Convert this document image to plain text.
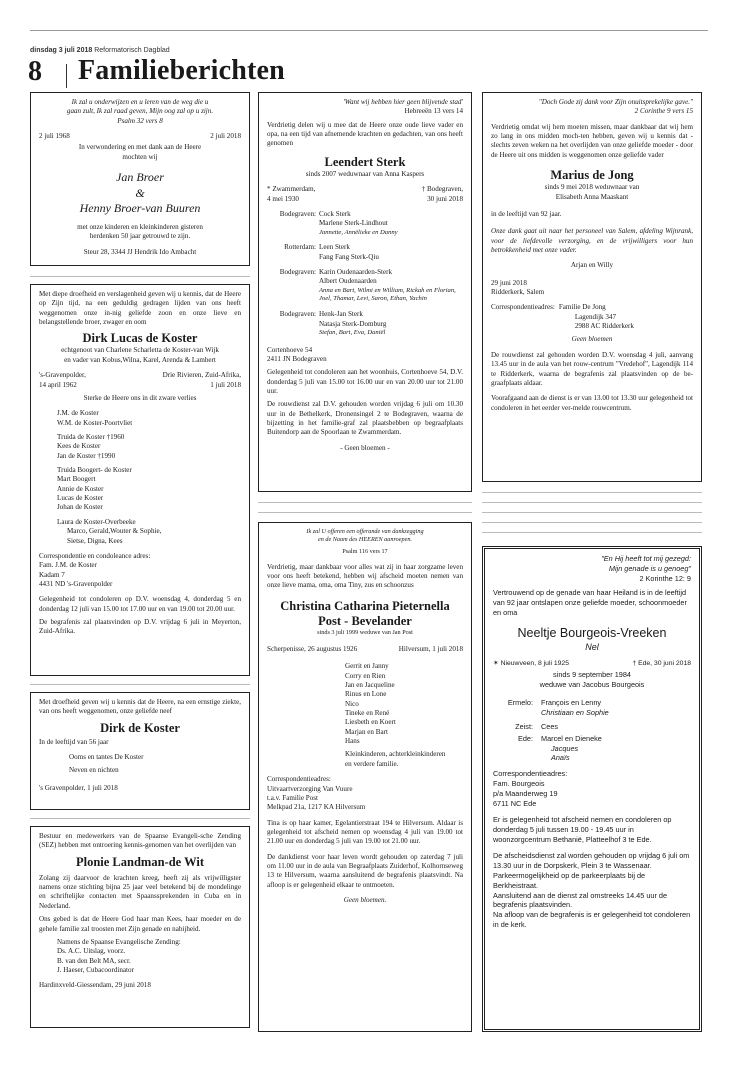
dinsdag 3 juli 2018 Reformatorisch Dagblad
8 Familieberichten

Ik zal u onderwijzen en u leren van de weg die u

gaan zult, Ik zal raad geven, Mijn oog zal op u zijn.

Psalm 32 vers 8

2 juli 1968	2 juli 2018

In verwondering en met dank aan de Heere

mochten wij

Jan Broer

&

Henny Broer-van Buuren

met onze kinderen en kleinkinderen gisteren

herdenken 50 jaar getrouwd te zijn.

Steur 28, 3344 JJ Hendrik Ido Ambacht

Met diepe droefheid en verslagenheid geven wij u kennis, dat de Heere op Zijn tijd, na een geduldig gedragen lijden van ons heeft weggenomen onze in-nig geliefde zoon en onze lieve en belangstellende broer, zwager en oom

Dirk Lucas de Koster

echtgenoot van Charlene Scharletta de Koster-van Wijk

en vader van Kobus,Wilna, Karel, Arenda & Lambert

's-Gravenpolder,	Drie Rivieren, Zuid-Afrika,
14 april 1962	1 juli 2018

Sterke de Heere ons in dit zware verlies

J.M. de Koster

W.M. de Koster-Poortvliet

Truida de Koster †1960

Kees de Koster

Jan de Koster †1990

Truida Boogert- de Koster

Mart Boogert

Annie de Koster

Lucas de Koster

Johan de Koster

Laura de Koster-Overbeeke

Marco, Gerald,Wouter & Sophie,

Sietse, Digna, Kees

Correspondentie en condoleance adres:

Fam. J.M. de Koster

Kadam 7

4431 ND 's-Gravenpolder

Gelegenheid tot condoleren op D.V. woensdag 4, donderdag 5 en donderdag 12 juli van 15.00 tot 17.00 uur en van 19.00 tot 20.00 uur.

De begrafenis zal plaatsvinden op D.V. vrijdag 6 juli in Meyerton, Zuid-Afrika.

Met droefheid geven wij u kennis dat de Heere, na een ernstige ziekte, van ons heeft weggenomen, onze geliefde neef

Dirk de Koster

In de leeftijd van 56 jaar

Ooms en tantes De Koster

Neven en nichten

's Gravenpolder, 1 juli 2018

Bestuur en medewerkers van de Spaanse Evangeli-sche Zending (SEZ) hebben met ontroering kennis-genomen van het overlijden van

Plonie Landman-de Wit

Zolang zij daarvoor de krachten kreeg, heeft zij als vrijwilligster namens onze stichting bijna 25 jaar veel betekend bij de mondelinge en schriftelijke contacten met Spaanssprekenden in Cuba en in Nederland.

Ons gebed is dat de Heere God haar man Kees, haar moeder en de gehele familie zal troosten met Zijn genade en nabijheid.

Namens de Spaanse Evangelische Zending:

Ds. A.C. Uitslag, voorz.

B. van den Belt MA, secr.

J. Haeser, Cubacoordinator

Hardinxveld-Giessendam, 29 juni 2018

'Want wij hebben hier geen blijvende stad'

Hebreeën 13 vers 14

Verdrietig delen wij u mee dat de Heere onze oude lieve vader en opa, na een tijd van afnemende krachten en gedachten, van ons heeft genomen

Leendert Sterk

sinds 2007 weduwnaar van Anna Kaspers

* Zwammerdam,	† Bodegraven,
4 mei 1930	30 juni 2018
Bodegraven: Cock Sterk

Marlene Sterk-Lindhout

Jannette, Annëlieke en Danny

Rotterdam: Leen Sterk

Fang Fang Sterk-Qiu

Bodegraven: Karin Oudenaarden-Sterk

Albert Oudenaarden

Anna en Bart, Wilmi en William, Rickah en Florian, Joel, Thamar, Levi, Saron, Ethan, Yachin

Bodegraven: Henk-Jan Sterk

Natasja Sterk-Domburg

Stefan, Bart, Eva, Daniël

Cortenhoeve 54

2411 JN Bodegraven

Gelegenheid tot condoleren aan het woonhuis, Cortenhoeve 54, D.V. donderdag 5 juli van 15.00 tot 16.00 uur en van 20.00 uur tot 21.00 uur.

De rouwdienst zal D.V. gehouden worden vrijdag 6 juli om 10.30 uur in de Bethelkerk, Dronensingel 2 te Bodegraven, waarna de bijzetting in het familie-graf zal plaatsbebben op begraafplaats Buitendorp aan de Spoorlaan te Zwammerdam.

- Geen bloemen -

Ik zal U offeren een offerande van dankzegging

en de Naam des HEEREN aanroepen.

Psalm 116 vers 17

Verdrietig, maar dankbaar voor alles wat zij in haar zorgzame leven voor ons heeft betekend, hebben wij afscheid moeten nemen van onze lieve mama, oma, oma Tiny, zus en schoonzus

Christina Catharina Pieternella

Post - Bevelander

sinds 3 juli 1999 weduwe van Jan Post

Scherpenisse, 26 augustus 1926	Hilversum, 1 juli 2018

Gerrit en Janny

Corry en Rien

Jan en Jacqueline

Rinus en Lone

Nico

Tineke en René

Liesbeth en Koert

Marjan en Bart

Hans

Kleinkinderen, achterkleinkinderen

en verdere familie.

Correspondentieadres:

Uitvaartverzorging Van Vuure

t.a.v. Familie Post

Melkpad 21a, 1217 KA Hilversum

Tina is op haar kamer, Egelantierstraat 194 te Hilversum. Aldaar is gelegenheid tot afscheid nemen op woensdag 4 juli van 19.00 tot 21.00 uur en donderdag 5 juli van 19.00 tot 21.00 uur.

De dankdienst voor haar leven wordt gehouden op zaterdag 7 juli om 11.00 uur in de aula van Begraafplaats Zuiderhof, Kolhornseweg 13 te Hilversum, waarna aansluitend de begrafenis plaatsvindt. Na afloop is er gelegenheid elkaar te ontmoeten.

Geen bloemen.

"Doch Gode zij dank voor Zijn onuitsprekelijke gave."

2 Corinthe 9 vers 15

Verdrietig omdat wij hem moeten missen, maar dankbaar dat wij hem zo lang in ons midden moch-ten hebben, geven wij u kennis dat - slechts zeven weken na het overlijden van onze geliefde moeder - door de Heere uit ons midden is weggenomen onze geliefde vader

Marius de Jong

sinds 9 mei 2018 weduwnaar van

Elisabeth Anna Maaskant

in de leeftijd van 92 jaar.

Onze dank gaat uit naar het personeel van Salem, afdeling Wijnrank, voor de liefdevolle verzorging, en de vrijwilligers voor hun betrokkenheid met onze vader.

Arjan en Willy

29 juni 2018

Ridderkerk, Salem

Correspondentieadres: Familie De Jong

Lagendijk 347

2988 AC Ridderkerk

Geen bloemen

De rouwdienst zal gehouden worden D.V. woensdag 4 juli, aanvang 13.45 uur in de aula van het rouw-centrum "Vredehof", Lagendijk 114 te Ridderkerk, waarna de begrafenis zal plaatsvinden op de be-graafplaats aldaar.

Voorafgaand aan de dienst is er van 13.00 tot 13.30 uur gelegenheid tot condoleren in het eerder ver-melde rouwcentrum.

"En Hij heeft tot mij gezegd:

Mijn genade is u genoeg"

2 Korinthe 12: 9

Vertrouwend op de genade van haar Heiland is in de leeftijd van 92 jaar ontslapen onze geliefde moeder, schoonmoeder en oma

Neeltje Bourgeois-Vreeken

Nel

✶ Nieuwveen, 8 juli 1925	† Ede, 30 juni 2018

sinds 9 september 1984

weduwe van Jacobus Bourgeois

Ermelo:	François en Lenny

Christiaan en Sophie

Zeist:	Cees

Ede:	Marcel en Dieneke

Jacques

Anaïs

Correspondentieadres:

Fam. Bourgeois

p/a Maanderweg 19

6711 NC Ede

Er is gelegenheid tot afscheid nemen en condoleren op donderdag 5 juli tussen 19.00 - 19.45 uur in woonzorgcentrum Bethanië, Platteelhof 3 te Ede.

De afscheidsdienst zal worden gehouden op vrijdag 6 juli om 13.30 uur in de Dorpskerk, Plein 3 te Wassenaar. Parkeermogelijkheid op de parkeerplaats bij de Berkheistraat.

Aansluitend aan de dienst zal omstreeks 14.45 uur de begrafenis plaatsvinden.

Na afloop van de begrafenis is er gelegenheid tot condoleren in de kerk.
